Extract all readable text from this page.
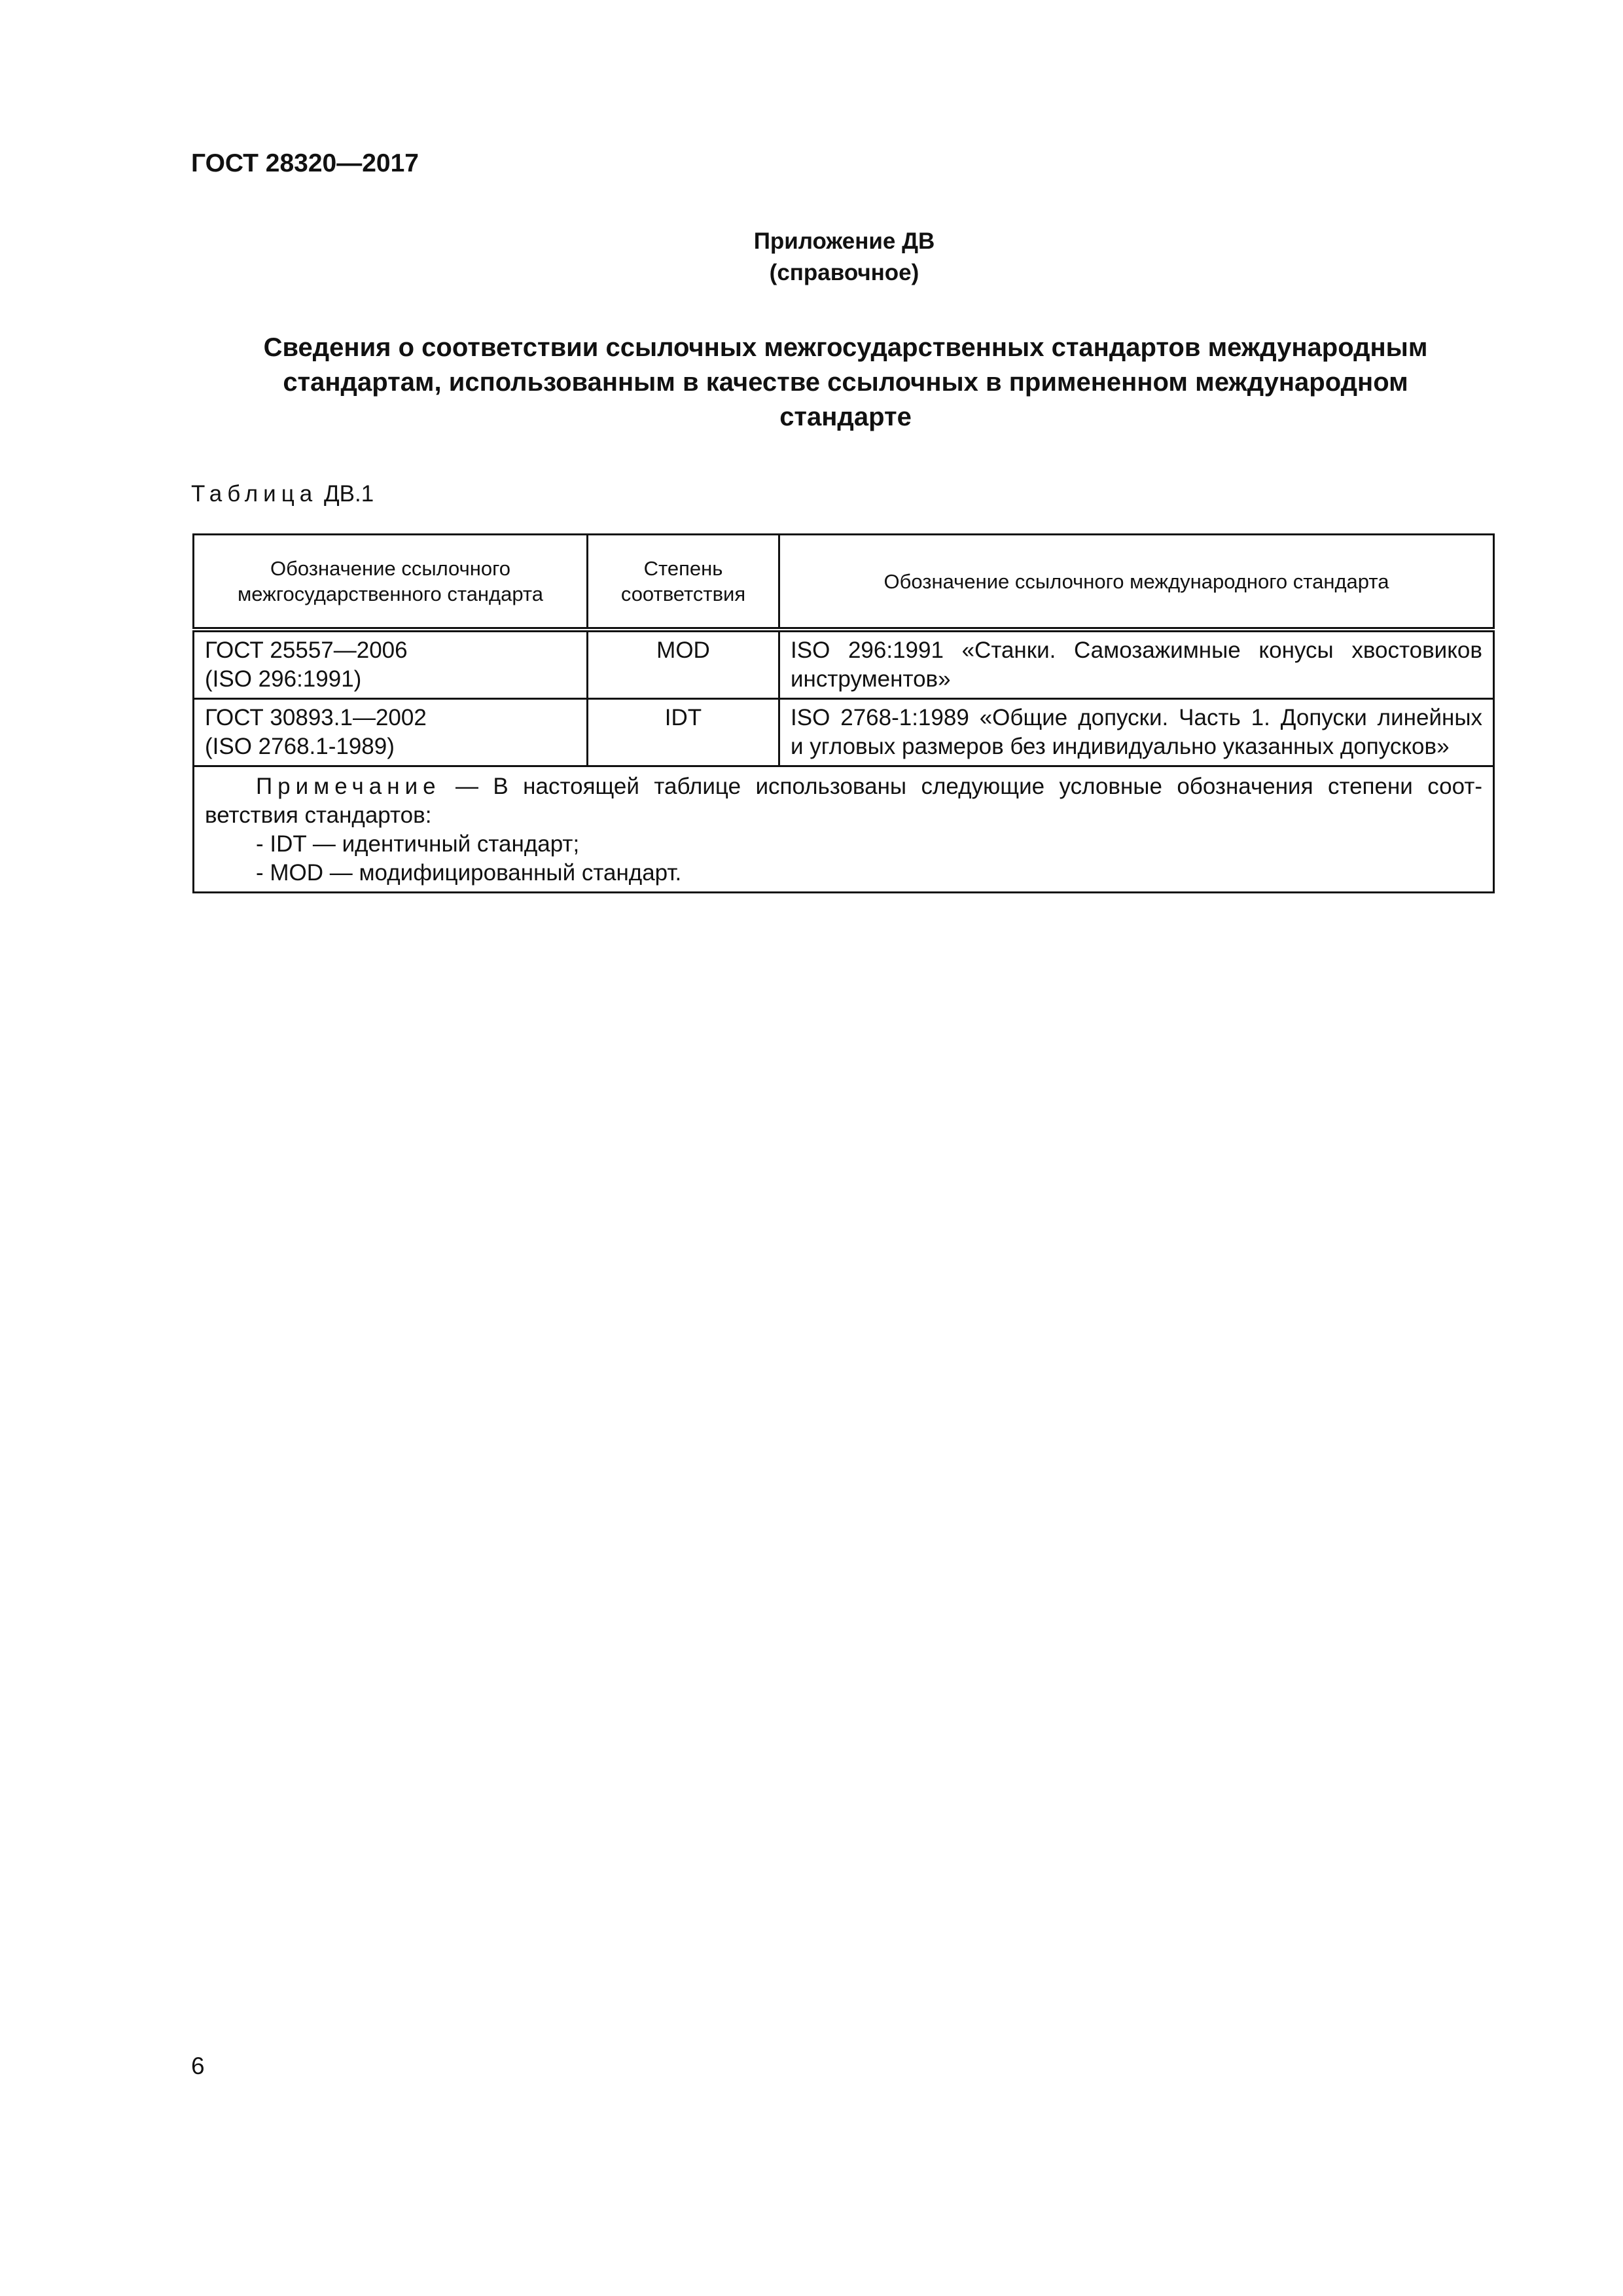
ГОСТ 28320—2017
Приложение ДВ
(справочное)
Сведения о соответствии ссылочных межгосударственных стандартов международным
стандартам, использованным в качестве ссылочных в примененном международном
стандарте
Таблица ДВ.1
Обозначение ссылочного
межгосударственного стандарта	Степень
соответствия	Обозначение ссылочного международного стандарта

ГОСТ 25557—2006
(ISO 296:1991)	MOD	ISO 296:1991 «Станки. Самозажимные конусы хвостовиков
инструментов»

ГОСТ 30893.1—2002
(ISO 2768.1-1989)	IDT	ISO 2768-1:1989 «Общие допуски. Часть 1. Допуски линейных
и угловых размеров без индивидуально указанных допусков»

Примечание — В настоящей таблице использованы следующие условные обозначения степени соот-
ветствия стандартов:
- IDT — идентичный стандарт;
- MOD — модифицированный стандарт.		
6
